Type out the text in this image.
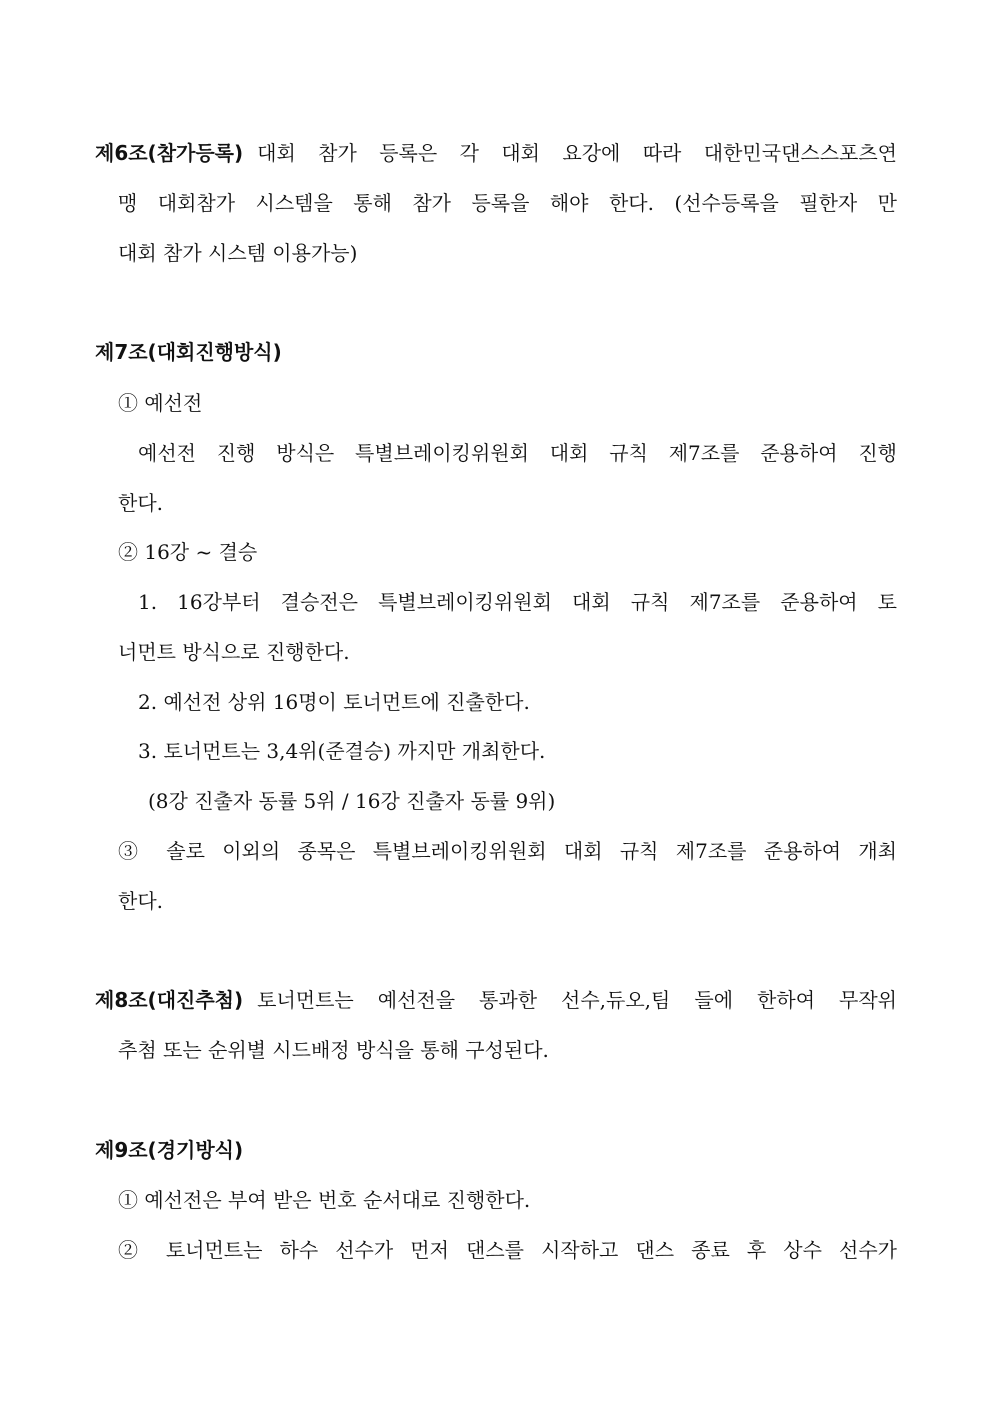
제6조(참가등록) 대회 참가 등록은 각 대회 요강에 따라 대한민국댄스스포츠연
맹 대회참가 시스템을 통해 참가 등록을 해야 한다. (선수등록을 필한자 만
대회 참가 시스템 이용가능)
제7조(대회진행방식)
① 예선전
예선전 진행 방식은 특별브레이킹위원회 대회 규칙 제7조를 준용하여 진행
한다.
② 16강 ~ 결승
1. 16강부터 결승전은 특별브레이킹위원회 대회 규칙 제7조를 준용하여 토
너먼트 방식으로 진행한다.
2. 예선전 상위 16명이 토너먼트에 진출한다.
3. 토너먼트는 3,4위(준결승) 까지만 개최한다.
(8강 진출자 동률 5위 / 16강 진출자 동률 9위)
③ 솔로 이외의 종목은 특별브레이킹위원회 대회 규칙 제7조를 준용하여 개최
한다.
제8조(대진추첨) 토너먼트는 예선전을 통과한 선수,듀오,팀 들에 한하여 무작위
추첨 또는 순위별 시드배정 방식을 통해 구성된다.
제9조(경기방식)
① 예선전은 부여 받은 번호 순서대로 진행한다.
② 토너먼트는 하수 선수가 먼저 댄스를 시작하고 댄스 종료 후 상수 선수가
